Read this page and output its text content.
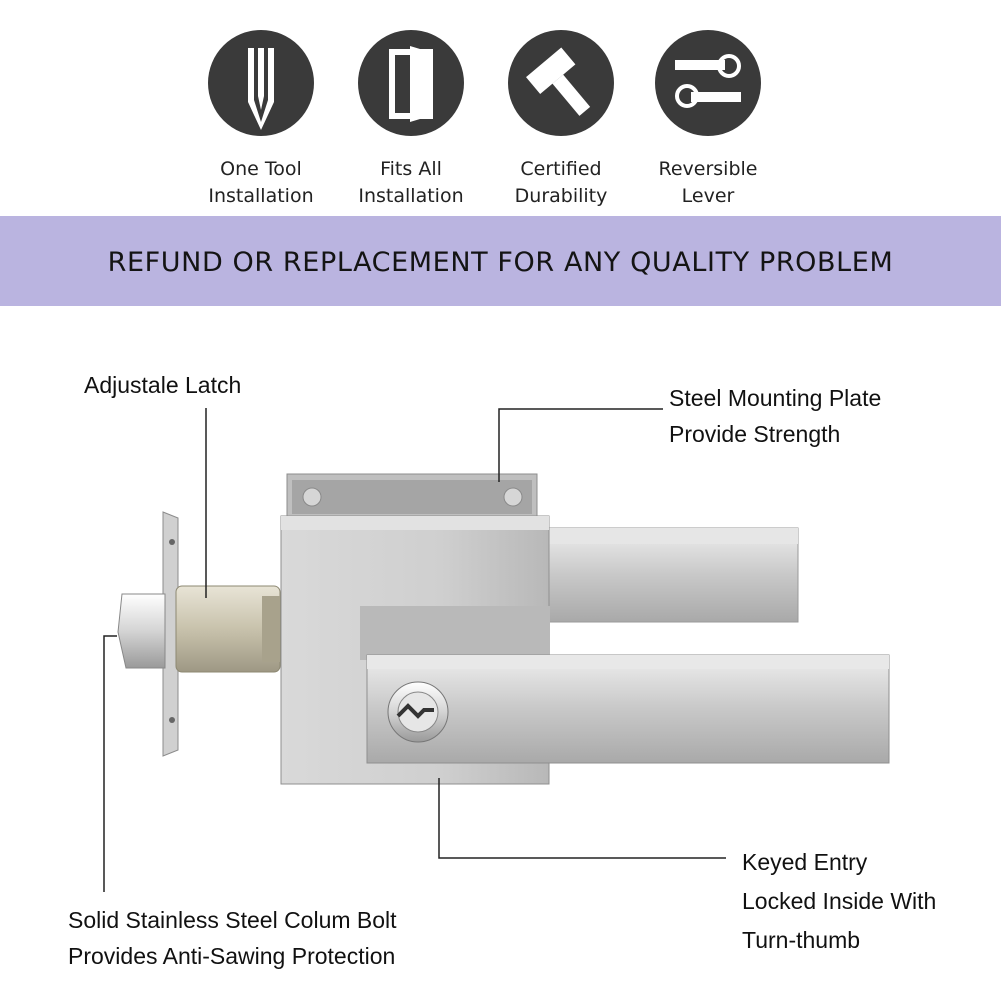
One Tool
Installation
Fits All
Installation
Certified
Durability
Reversible
Lever
REFUND OR REPLACEMENT FOR ANY QUALITY PROBLEM
Adjustale Latch	Steel Mounting Plate
Provide Strength
Solid Stainless Steel Colum Bolt
Provides Anti-Sawing Protection
Keyed Entry
Locked Inside With
Turn-thumb
